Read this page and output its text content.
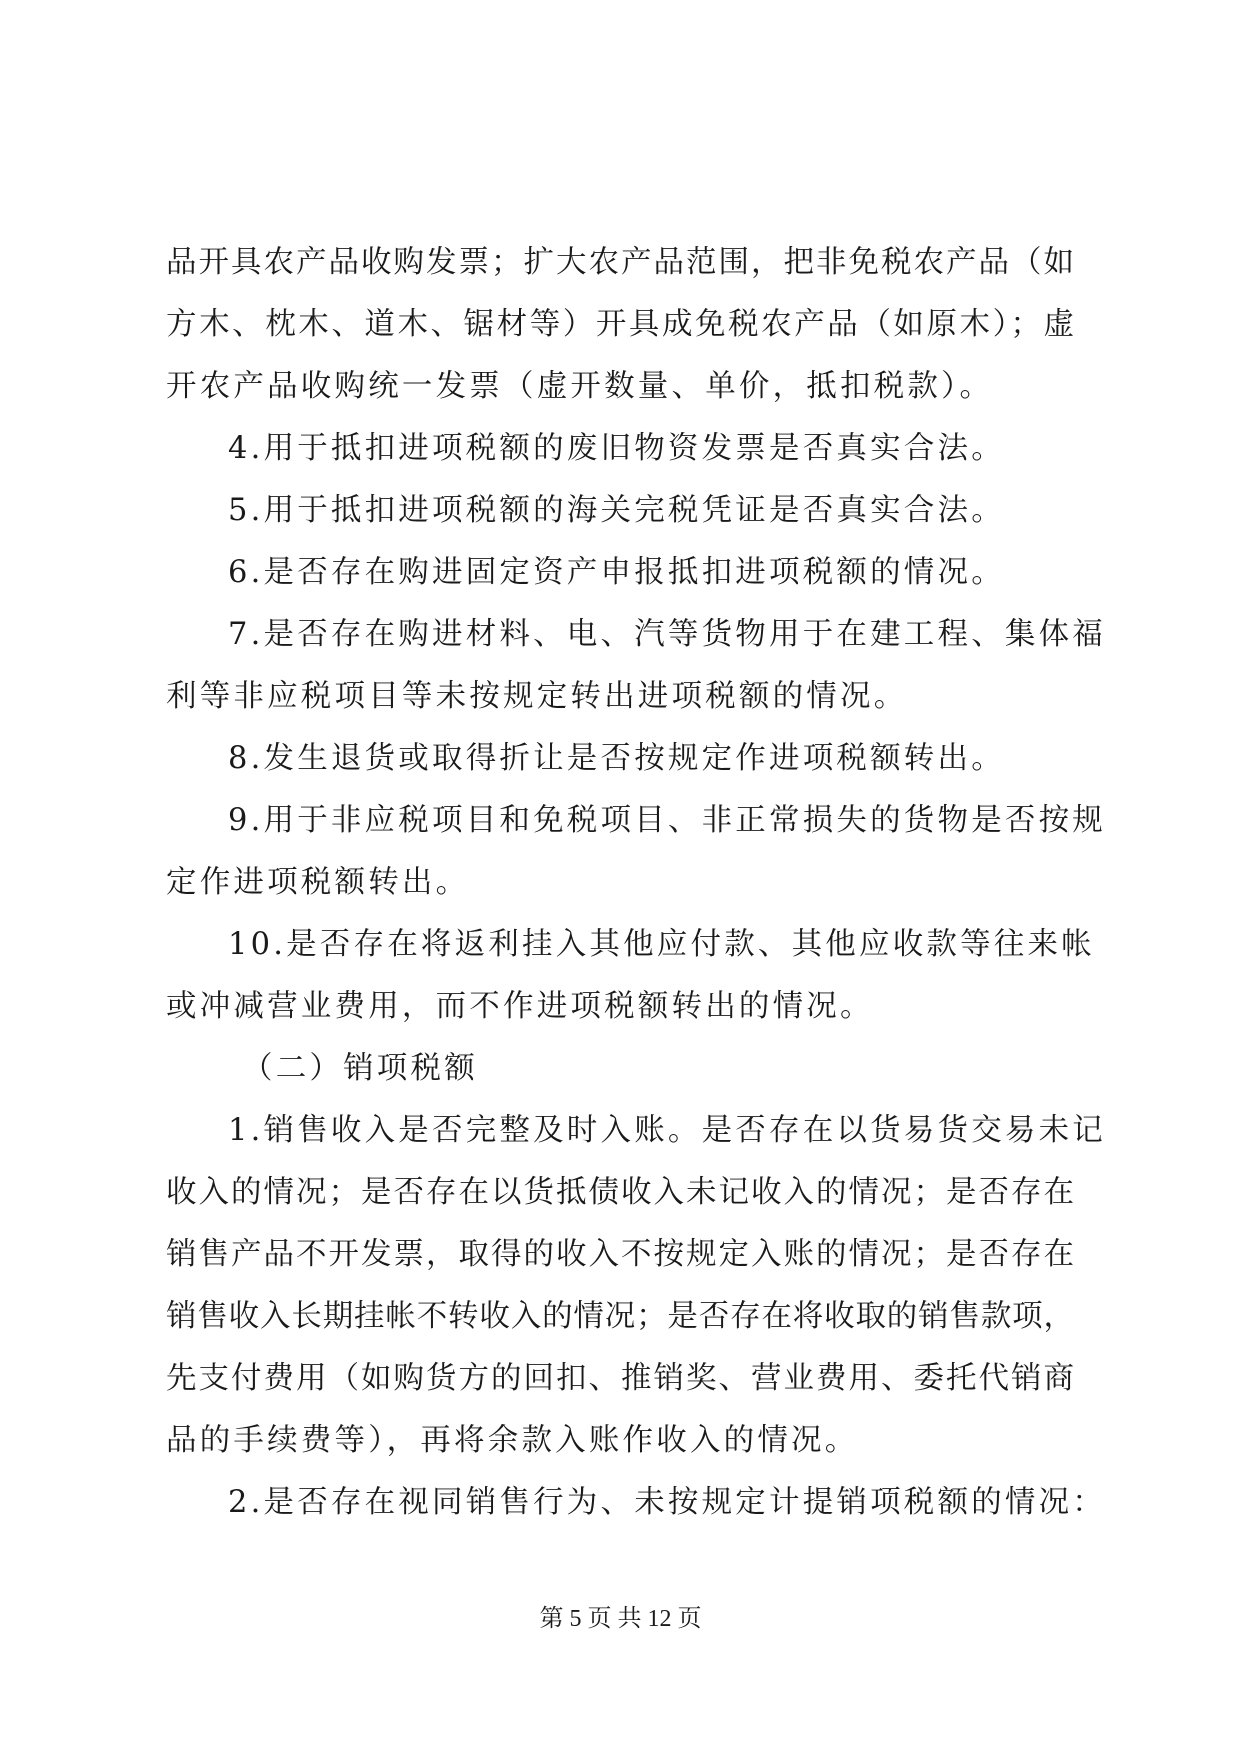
品开具农产品收购发票；扩大农产品范围，把非免税农产品（如
方木、枕木、道木、锯材等）开具成免税农产品（如原木）；虚
开农产品收购统一发票（虚开数量、单价，抵扣税款）。
4.用于抵扣进项税额的废旧物资发票是否真实合法。
5.用于抵扣进项税额的海关完税凭证是否真实合法。
6.是否存在购进固定资产申报抵扣进项税额的情况。
7.是否存在购进材料、电、汽等货物用于在建工程、集体福
利等非应税项目等未按规定转出进项税额的情况。
8.发生退货或取得折让是否按规定作进项税额转出。
9.用于非应税项目和免税项目、非正常损失的货物是否按规
定作进项税额转出。
10.是否存在将返利挂入其他应付款、其他应收款等往来帐
或冲减营业费用，而不作进项税额转出的情况。
（二）销项税额
1.销售收入是否完整及时入账。是否存在以货易货交易未记
收入的情况；是否存在以货抵债收入未记收入的情况；是否存在
销售产品不开发票，取得的收入不按规定入账的情况；是否存在
销售收入长期挂帐不转收入的情况；是否存在将收取的销售款项，
先支付费用（如购货方的回扣、推销奖、营业费用、委托代销商
品的手续费等），再将余款入账作收入的情况。
2.是否存在视同销售行为、未按规定计提销项税额的情况：
第 5 页 共 12 页
